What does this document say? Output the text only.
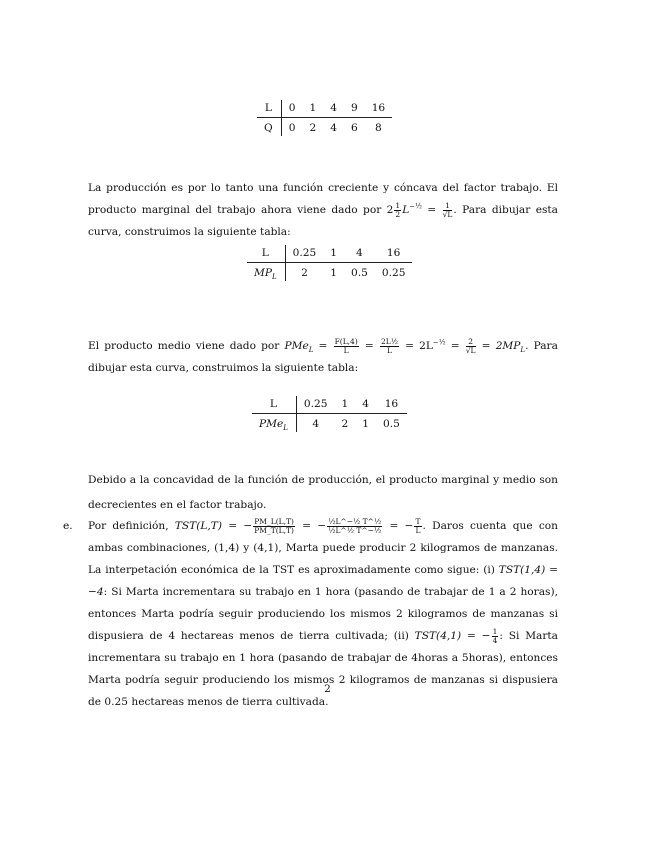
L	0	1	4	9	16
Q	0	2	4	6	8
La producción es por lo tanto una función creciente y cóncava del factor trabajo. El producto marginal del trabajo ahora viene dado por $2 \frac{1}{2} L^{-\frac{1}{2}} = \frac{1}{√L}$ . Para dibujar esta curva, construimos la siguiente tabla:
L	0.25	1	4	16
$MP_L$	2	1	0.5	0.25
El producto medio viene dado por $PMe_L = \frac{F(L,4)}{L} = \frac{\text{2L½}}{L} = 2L^{-\frac{1}{2}} = \frac{2}{√L} = 2MP_L$. Para dibujar esta curva, construimos la siguiente tabla:
L	0.25	1	4	16
PMe$_L$	4	2	1	0.5
Debido a la concavidad de la función de producción, el producto marginal y medio son decrecientes en el factor trabajo.
e. Por definición, TST(L,T) = − $\frac{PM\_L(L,T)}{PM\_T(L,T)}$ = − $\frac{\text{½L\textasciicircum{}−½ T\textasciicircum{}½}}{\text{½L\textasciicircum{}½ T\textasciicircum{}−½}}$ = − $\frac{T}{L}$ . Daros cuenta que con ambas combinaciones, (1,4) y (4,1), Marta puede producir 2 kilogramos de manzanas. La interpetación económica de la TST es aproximadamente como sigue: (i) TST(1,4) = −4: Si Marta incrementara su trabajo en 1 hora (pasando de trabajar de 1 a 2 horas), entonces Marta podría seguir produciendo los mismos 2 kilogramos de manzanas si dispusiera de 4 hectareas menos de tierra cultivada; (ii) TST(4,1) = − $\frac{1}{4}$ : Si Marta incrementara su trabajo en 1 hora (pasando de trabajar de 4horas a 5horas), entonces Marta podría seguir produciendo los mismos 2 kilogramos de manzanas si dispusiera de 0.25 hectareas menos de tierra cultivada.
2
